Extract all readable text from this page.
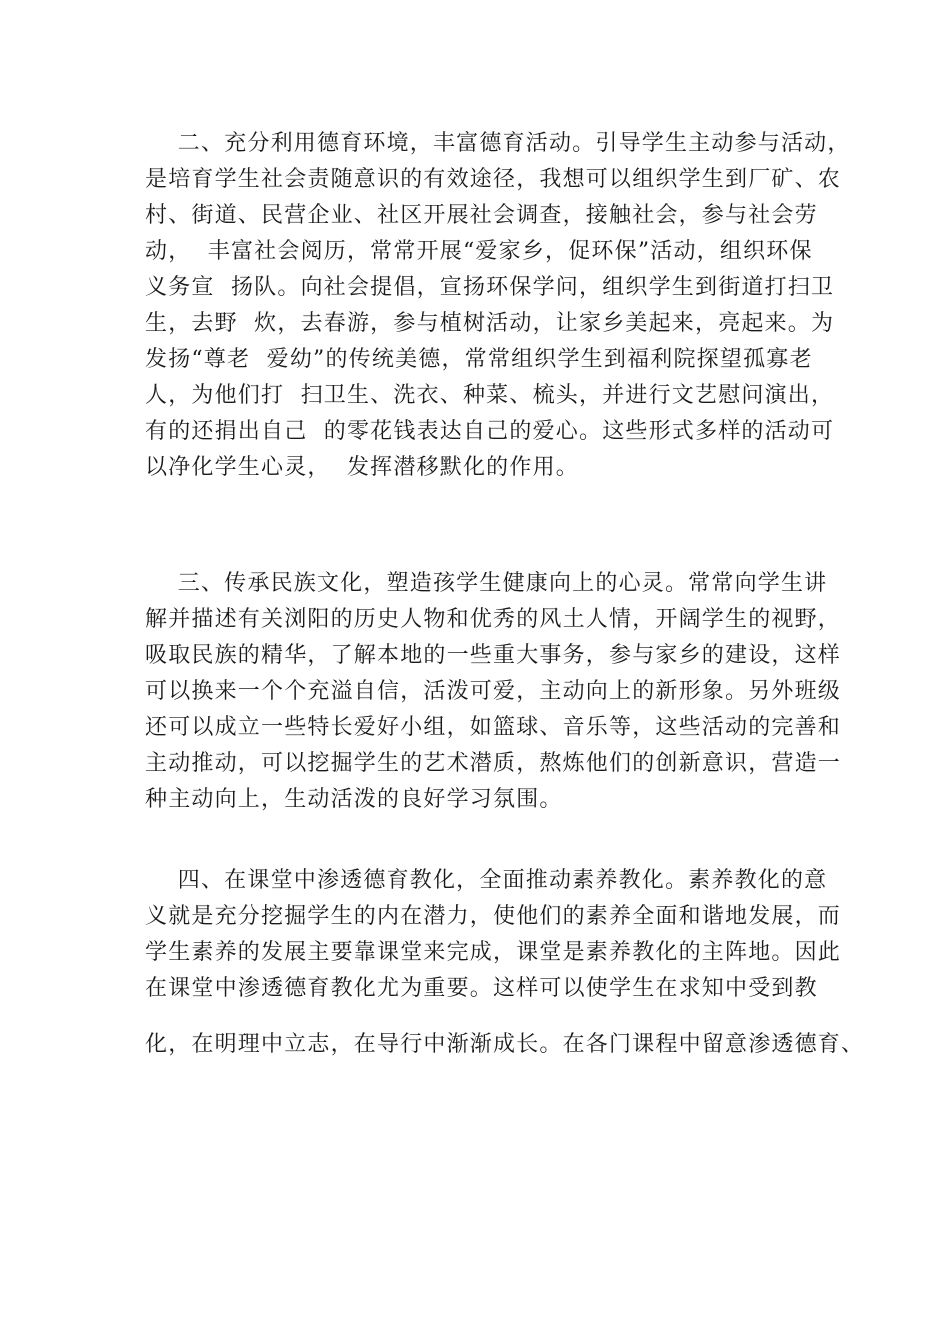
二、充分利用德育环境，丰富德育活动。引导学生主动参与活动，
是培育学生社会责随意识的有效途径，我想可以组织学生到厂矿、农
村、街道、民营企业、社区开展社会调查，接触社会，参与社会劳
动，  丰富社会阅历，常常开展“爱家乡，促环保”活动，组织环保
义务宣  扬队。向社会提倡，宣扬环保学问，组织学生到街道打扫卫
生，去野  炊，去春游，参与植树活动，让家乡美起来，亮起来。为
发扬“尊老  爱幼”的传统美德，常常组织学生到福利院探望孤寡老
人，为他们打  扫卫生、洗衣、种菜、梳头，并进行文艺慰问演出，
有的还捐出自己  的零花钱表达自己的爱心。这些形式多样的活动可
以净化学生心灵，  发挥潜移默化的作用。
三、传承民族文化，塑造孩学生健康向上的心灵。常常向学生讲
解并描述有关浏阳的历史人物和优秀的风土人情，开阔学生的视野，
吸取民族的精华，了解本地的一些重大事务，参与家乡的建设，这样
可以换来一个个充溢自信，活泼可爱，主动向上的新形象。另外班级
还可以成立一些特长爱好小组，如篮球、音乐等，这些活动的完善和
主动推动，可以挖掘学生的艺术潜质，熬炼他们的创新意识，营造一
种主动向上，生动活泼的良好学习氛围。
四、在课堂中渗透德育教化，全面推动素养教化。素养教化的意
义就是充分挖掘学生的内在潜力，使他们的素养全面和谐地发展，而
学生素养的发展主要靠课堂来完成，课堂是素养教化的主阵地。因此
在课堂中渗透德育教化尤为重要。这样可以使学生在求知中受到教
化，在明理中立志，在导行中渐渐成长。在各门课程中留意渗透德育、
